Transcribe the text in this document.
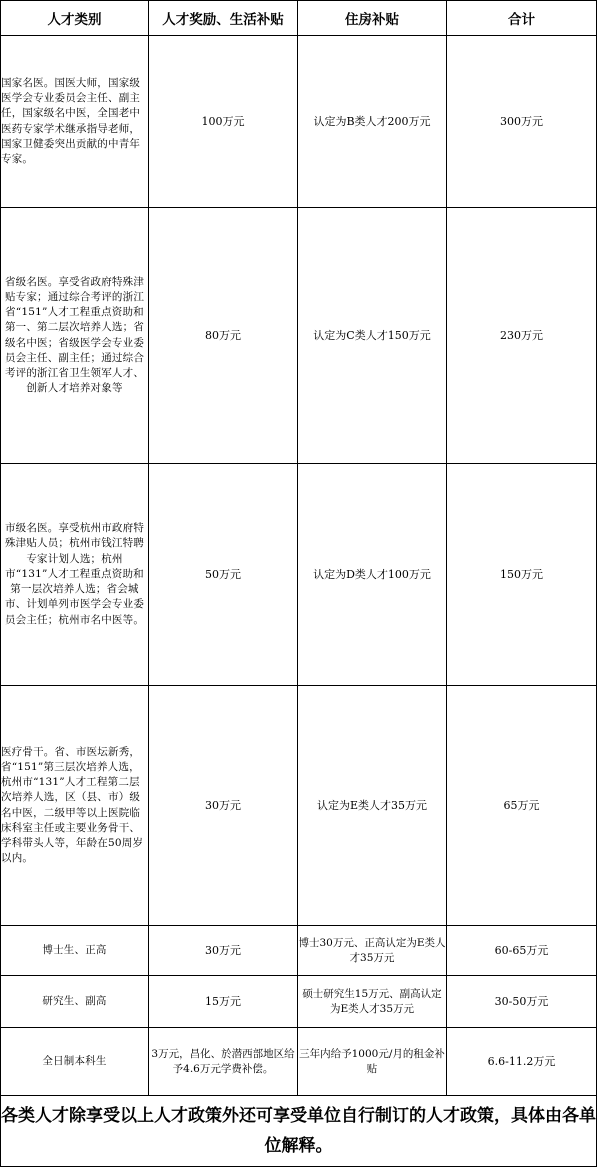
人才类别	人才奖励、生活补贴	住房补贴	合计
国家名医。国医大师，国家级医学会专业委员会主任、副主任，国家级名中医，全国老中医药专家学术继承指导老师，国家卫健委突出贡献的中青年专家。	100万元	认定为B类人才200万元	300万元
省级名医。享受省政府特殊津贴专家；通过综合考评的浙江省“151”人才工程重点资助和第一、第二层次培养人选；省级名中医；省级医学会专业委员会主任、副主任；通过综合考评的浙江省卫生领军人才、创新人才培养对象等	80万元	认定为C类人才150万元	230万元
市级名医。享受杭州市政府特殊津贴人员；杭州市钱江特聘专家计划人选；杭州市“131”人才工程重点资助和第一层次培养人选；省会城市、计划单列市医学会专业委员会主任；杭州市名中医等。	50万元	认定为D类人才100万元	150万元
医疗骨干。省、市医坛新秀，省“151”第三层次培养人选，杭州市“131”人才工程第二层次培养人选，区（县、市）级名中医，二级甲等以上医院临床科室主任或主要业务骨干、学科带头人等，年龄在50周岁以内。	30万元	认定为E类人才35万元	65万元
博士生、正高	30万元	博士30万元、正高认定为E类人才35万元	60-65万元
研究生、副高	15万元	硕士研究生15万元、副高认定为E类人才35万元	30-50万元
全日制本科生	3万元，昌化、於潜西部地区给予4.6万元学费补偿。	三年内给予1000元/月的租金补贴	6.6-11.2万元
各类人才除享受以上人才政策外还可享受单位自行制订的人才政策，具体由各单位解释。			
